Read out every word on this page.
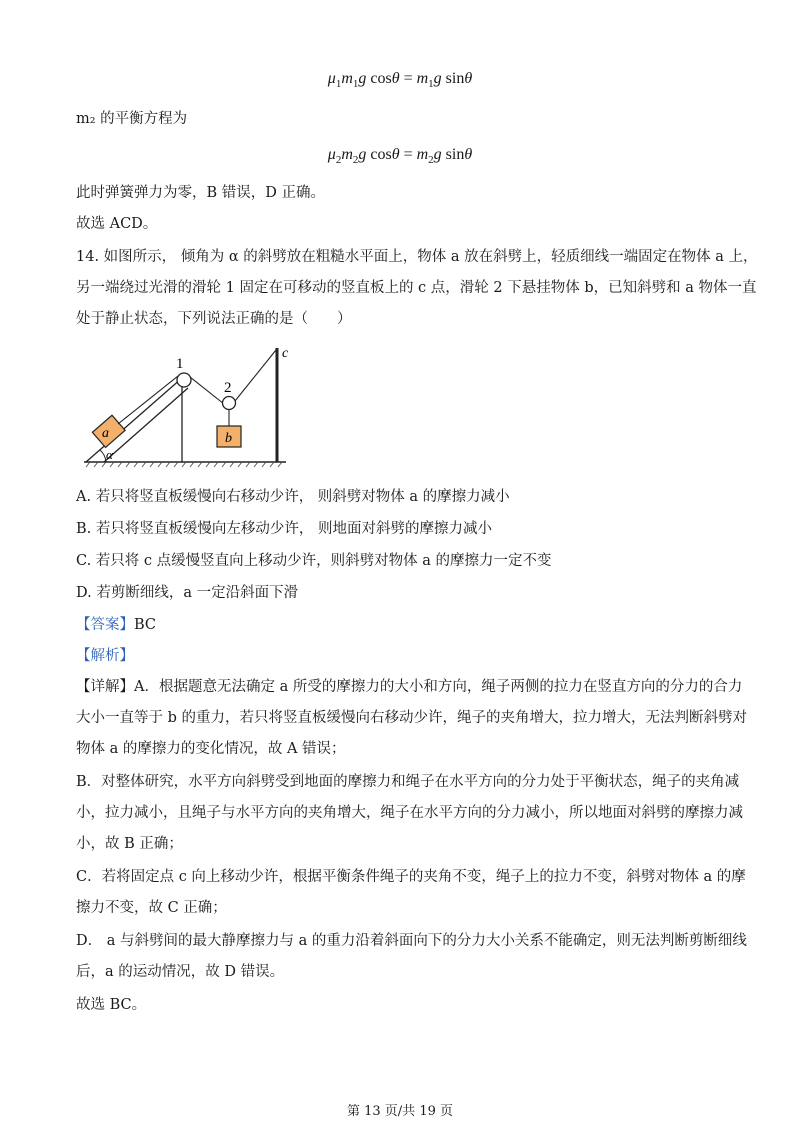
$\mu_1m_1g$ $\cos\theta = m_1g$ sinθ
m₂ 的平衡方程为
$\mu_2m_2g$ $\cos\theta = m_2g$ sinθ
此时弹簧弹力为零，B 错误，D 正确。
故选 ACD。
14. 如图所示， 倾角为 α 的斜劈放在粗糙水平面上，物体 a 放在斜劈上，轻质细线一端固定在物体 a 上，
另一端绕过光滑的滑轮 1 固定在可移动的竖直板上的 c 点，滑轮 2 下悬挂物体 b，已知斜劈和 a 物体一直
处于静止状态，下列说法正确的是（　　）
α
a
1
2
b
c
A. 若只将竖直板缓慢向右移动少许， 则斜劈对物体 a 的摩擦力减小
B. 若只将竖直板缓慢向左移动少许， 则地面对斜劈的摩擦力减小
C. 若只将 c 点缓慢竖直向上移动少许，则斜劈对物体 a 的摩擦力一定不变
D. 若剪断细线，a 一定沿斜面下滑
【答案】BC
【解析】
【详解】A．根据题意无法确定 a 所受的摩擦力的大小和方向，绳子两侧的拉力在竖直方向的分力的合力
大小一直等于 b 的重力，若只将竖直板缓慢向右移动少许，绳子的夹角增大，拉力增大，无法判断斜劈对
物体 a 的摩擦力的变化情况，故 A 错误；
B．对整体研究，水平方向斜劈受到地面的摩擦力和绳子在水平方向的分力处于平衡状态，绳子的夹角减
小，拉力减小，且绳子与水平方向的夹角增大，绳子在水平方向的分力减小，所以地面对斜劈的摩擦力减
小，故 B 正确；
C．若将固定点 c 向上移动少许，根据平衡条件绳子的夹角不变，绳子上的拉力不变，斜劈对物体 a 的摩
擦力不变，故 C 正确；
D． a 与斜劈间的最大静摩擦力与 a 的重力沿着斜面向下的分力大小关系不能确定，则无法判断剪断细线
后，a 的运动情况，故 D 错误。
故选 BC。
第 13 页/共 19 页
